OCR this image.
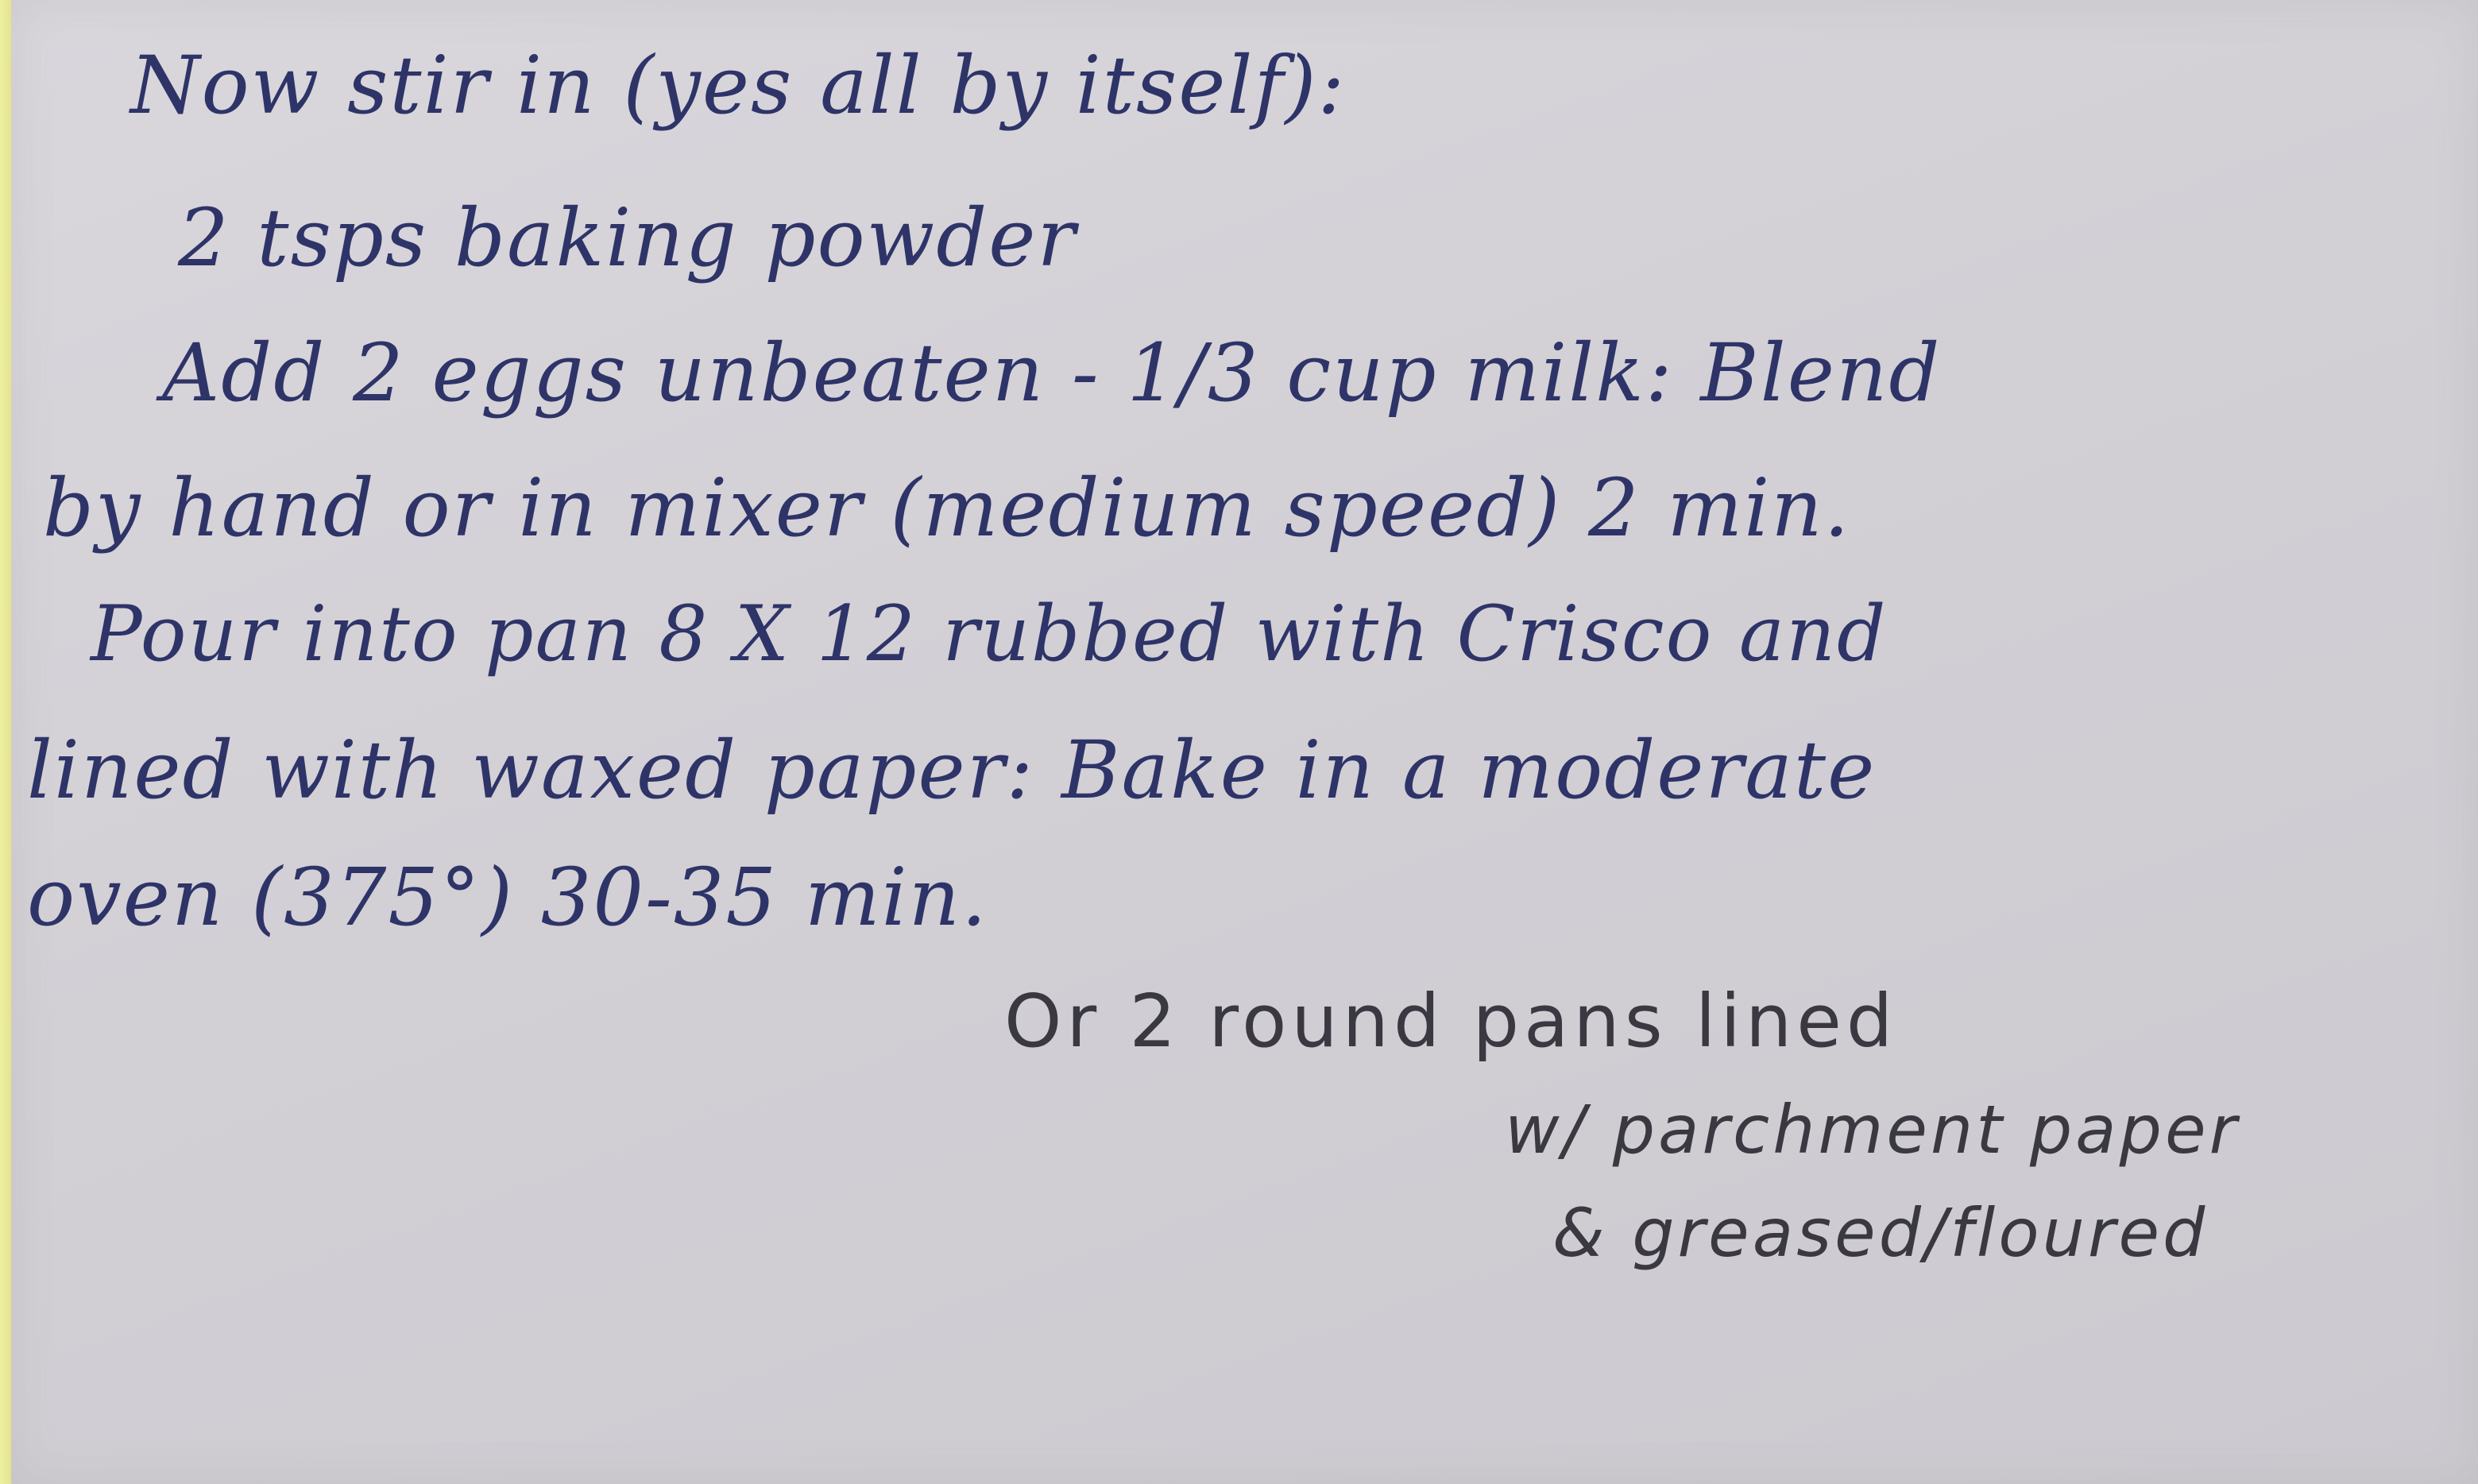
Now stir in (yes all by itself):
2 tsps baking powder
Add 2 eggs unbeaten - 1/3 cup milk: Blend
by hand or in mixer (medium speed) 2 min.
Pour into pan 8 X 12 rubbed with Crisco and
lined with waxed paper: Bake in a moderate
oven (375°) 30-35 min.
Or 2 round pans lined
w/ parchment paper
& greased/floured
